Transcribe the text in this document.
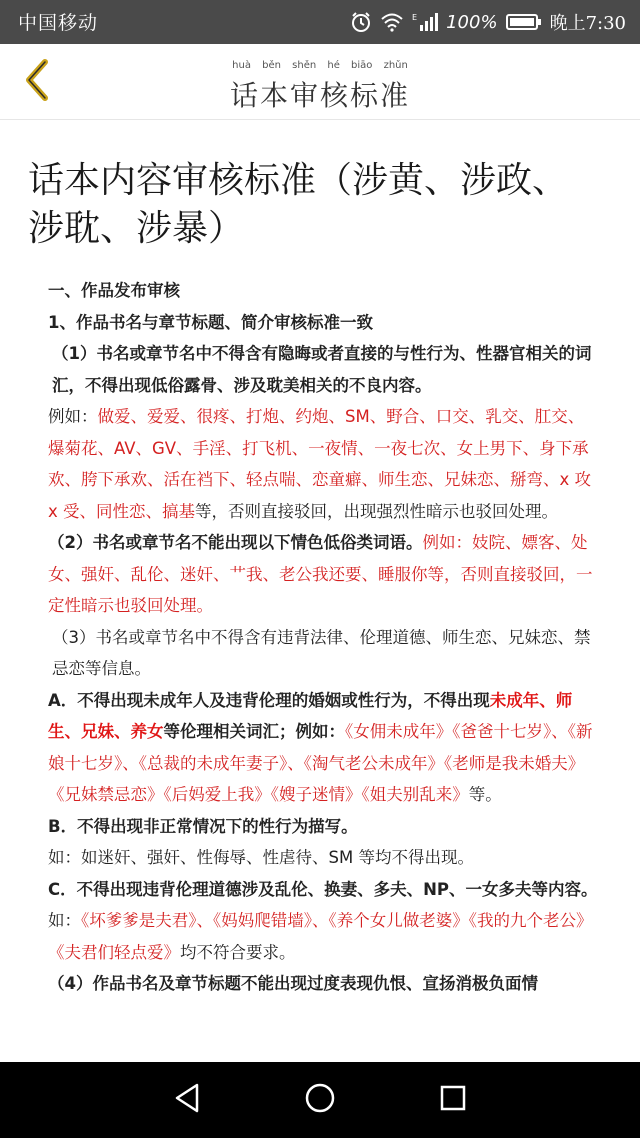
中国移动	E 100%	晚上7:30
huà běn shěn hé biāo zhǔn
话本审核标准
话本内容审核标准（涉黄、涉政、涉耽、涉暴）

一、作品发布审核

1、作品书名与章节标题、简介审核标准一致

（1）书名或章节名中不得含有隐晦或者直接的与性行为、性器官相关的词汇，不得出现低俗露骨、涉及耽美相关的不良内容。

例如：做爱、爱爱、很疼、打炮、约炮、SM、野合、口交、乳交、肛交、爆菊花、AV、GV、手淫、打飞机、一夜情、一夜七次、女上男下、身下承欢、胯下承欢、活在裆下、轻点喘、恋童癖、师生恋、兄妹恋、掰弯、x 攻 x 受、同性恋、搞基等，否则直接驳回，出现强烈性暗示也驳回处理。

（2）书名或章节名不能出现以下情色低俗类词语。例如：妓院、嫖客、处女、强奸、乱伦、迷奸、艹我、老公我还要、睡服你等，否则直接驳回，一定性暗示也驳回处理。

（3）书名或章节名中不得含有违背法律、伦理道德、师生恋、兄妹恋、禁忌恋等信息。

A．不得出现未成年人及违背伦理的婚姻或性行为，不得出现未成年、师生、兄妹、养女等伦理相关词汇；例如：《女佣未成年》《爸爸十七岁》、《新娘十七岁》、《总裁的未成年妻子》、《淘气老公未成年》《老师是我未婚夫》《兄妹禁忌恋》《后妈爱上我》《嫂子迷情》《姐夫别乱来》等。

B．不得出现非正常情况下的性行为描写。

如：如迷奸、强奸、性侮辱、性虐待、SM 等均不得出现。

C．不得出现违背伦理道德涉及乱伦、换妻、多夫、NP、一女多夫等内容。

如：《坏爹爹是夫君》、《妈妈爬错墙》、《养个女儿做老婆》《我的九个老公》《夫君们轻点爱》均不符合要求。

（4）作品书名及章节标题不能出现过度表现仇恨、宣扬消极负面情
